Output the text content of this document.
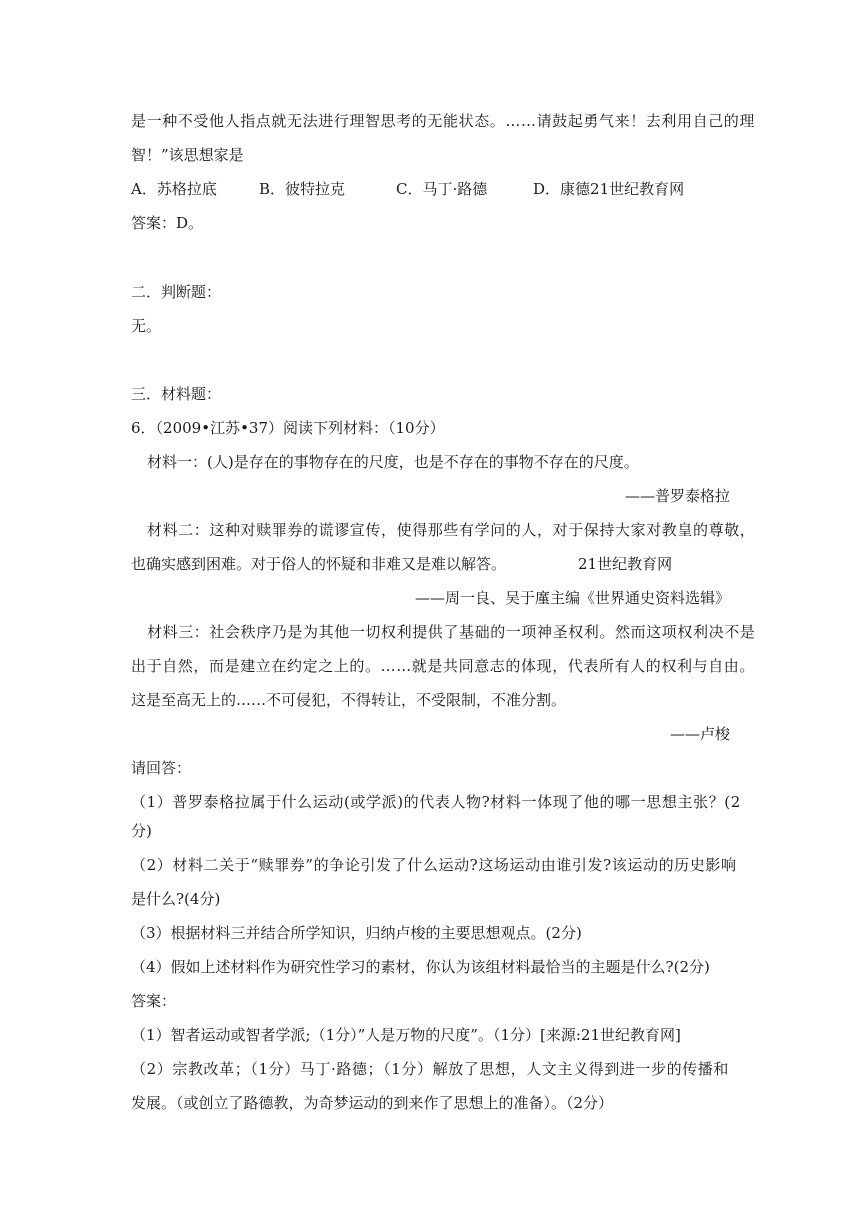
是一种不受他人指点就无法进行理智思考的无能状态。……请鼓起勇气来！去利用自己的理
智！”该思想家是
A．苏格拉底	B．彼特拉克	C．马丁·路德	D．康德21世纪教育网
答案：D。
二．判断题：
无。
三．材料题：
6．（2009•江苏•37）阅读下列材料：（10分）
材料一：(人)是存在的事物存在的尺度，也是不存在的事物不存在的尺度。
——普罗泰格拉
材料二：这种对赎罪券的谎谬宣传，使得那些有学问的人，对于保持大家对教皇的尊敬，
也确实感到困难。对于俗人的怀疑和非难又是难以解答。	21世纪教育网
——周一良、吴于廑主编《世界通史资料选辑》
材料三：社会秩序乃是为其他一切权利提供了基础的一项神圣权利。然而这项权利决不是
出于自然，而是建立在约定之上的。……就是共同意志的体现，代表所有人的权利与自由。
这是至高无上的……不可侵犯，不得转让，不受限制，不准分割。
——卢梭
请回答：
（1）普罗泰格拉属于什么运动(或学派)的代表人物?材料一体现了他的哪一思想主张？(2
分)
（2）材料二关于“赎罪券”的争论引发了什么运动?这场运动由谁引发?该运动的历史影响
是什么?(4分)
（3）根据材料三并结合所学知识，归纳卢梭的主要思想观点。(2分)
（4）假如上述材料作为研究性学习的素材，你认为该组材料最恰当的主题是什么?(2分)
答案：
（1）智者运动或智者学派;（1分）”人是万物的尺度”。（1分）[来源:21世纪教育网]
（2）宗教改革；（1分）马丁·路德；（1分）解放了思想，人文主义得到进一步的传播和
发展。（或创立了路德教，为奇梦运动的到来作了思想上的准备）。（2分）
